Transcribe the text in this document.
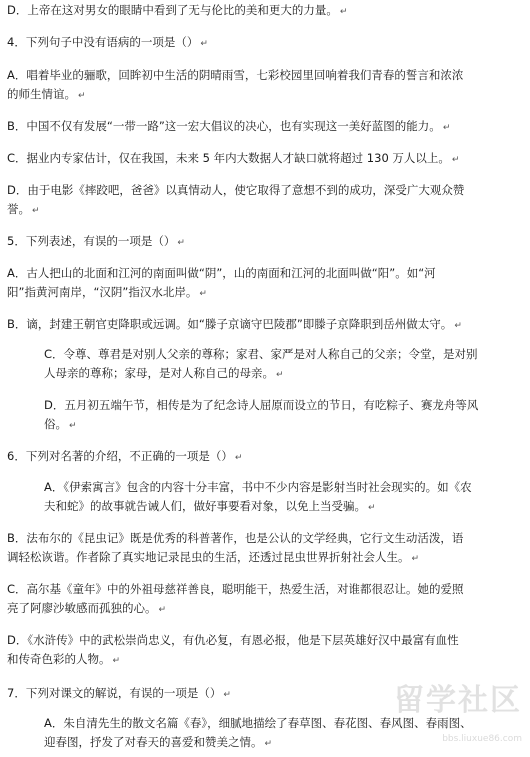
D．上帝在这对男女的眼睛中看到了无与伦比的美和更大的力量。 ↵
4．下列句子中没有语病的一项是（） ↵
A．唱着毕业的骊歌，回眸初中生活的阴晴雨雪，七彩校园里回响着我们青春的誓言和浓浓
的师生情谊。 ↵
B．中国不仅有发展“一带一路”这一宏大倡议的决心，也有实现这一美好蓝图的能力。 ↵
C．据业内专家估计，仅在我国，未来 5 年内大数据人才缺口就将超过 130 万人以上。 ↵
D．由于电影《摔跤吧，爸爸》以真情动人，使它取得了意想不到的成功，深受广大观众赞
誉。 ↵
5．下列表述，有误的一项是（） ↵
A．古人把山的北面和江河的南面叫做“阴”，山的南面和江河的北面叫做“阳”。如“河
阳”指黄河南岸，“汉阴”指汉水北岸。 ↵
B．谪，封建王朝官吏降职或远调。如“滕子京谪守巴陵郡”即滕子京降职到岳州做太守。 ↵
C．令尊、尊君是对别人父亲的尊称；家君、家严是对人称自己的父亲；令堂，是对别
人母亲的尊称；家母，是对人称自己的母亲。 ↵
D．五月初五端午节，相传是为了纪念诗人屈原而设立的节日，有吃粽子、赛龙舟等风
俗。 ↵
6．下列对名著的介绍，不正确的一项是（） ↵
A．《伊索寓言》包含的内容十分丰富，书中不少内容是影射当时社会现实的。如《农
夫和蛇》的故事就告诫人们，做好事要看对象，以免上当受骗。 ↵
B．法布尔的《昆虫记》既是优秀的科普著作，也是公认的文学经典，它行文生动活泼，语
调轻松诙谐。作者除了真实地记录昆虫的生活，还透过昆虫世界折射社会人生。 ↵
C．高尔基《童年》中的外祖母慈祥善良，聪明能干，热爱生活，对谁都很忍让。她的爱照
亮了阿廖沙敏感而孤独的心。 ↵
D．《水浒传》中的武松崇尚忠义，有仇必复，有恩必报，他是下层英雄好汉中最富有血性
和传奇色彩的人物。 ↵
7．下列对课文的解说，有误的一项是（） ↵
A．朱自清先生的散文名篇《春》，细腻地描绘了春草图、春花图、春风图、春雨图、
迎春图，抒发了对春天的喜爱和赞美之情。 ↵
留学社区
bbs.liuxue86.com
